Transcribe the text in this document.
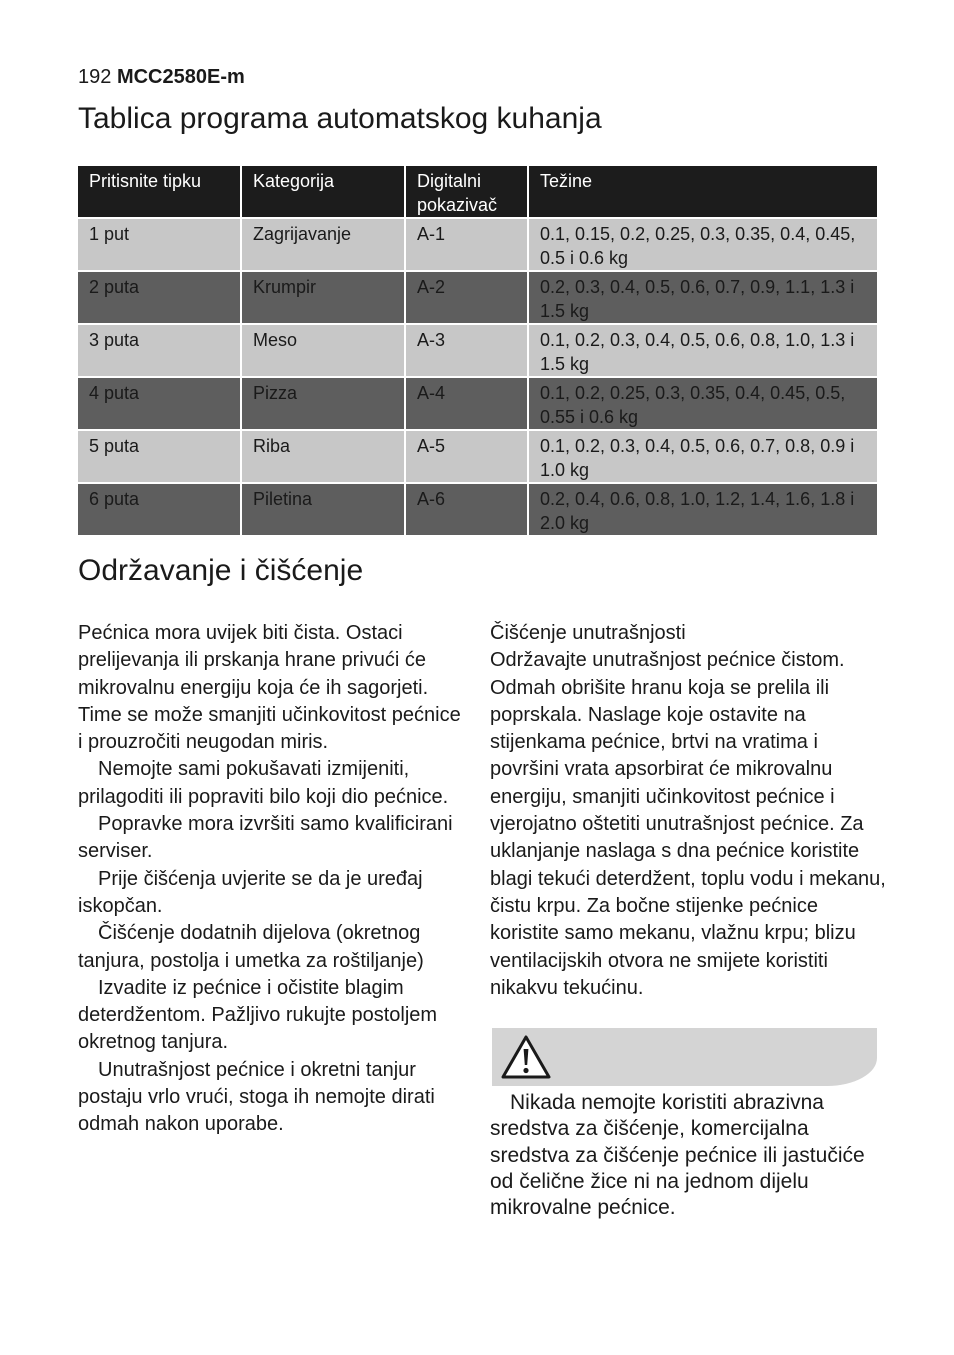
192 MCC2580E-m
Tablica programa automatskog kuhanja
Pritisnite tipku	Kategorija	Digitalni pokazivač	Težine
1 put	Zagrijavanje	A-1	0.1, 0.15, 0.2, 0.25, 0.3, 0.35, 0.4, 0.45, 0.5 i 0.6 kg
2 puta	Krumpir	A-2	0.2, 0.3, 0.4, 0.5, 0.6, 0.7, 0.9, 1.1, 1.3 i 1.5 kg
3 puta	Meso	A-3	0.1, 0.2, 0.3, 0.4, 0.5, 0.6, 0.8, 1.0, 1.3 i 1.5 kg
4 puta	Pizza	A-4	0.1, 0.2, 0.25, 0.3, 0.35, 0.4, 0.45, 0.5, 0.55 i 0.6 kg
5 puta	Riba	A-5	0.1, 0.2, 0.3, 0.4, 0.5, 0.6, 0.7, 0.8, 0.9 i 1.0 kg
6 puta	Piletina	A-6	0.2, 0.4, 0.6, 0.8, 1.0, 1.2, 1.4, 1.6, 1.8 i 2.0 kg
Održavanje i čišćenje

Pećnica mora uvijek biti čista. Ostaci prelijevanja ili prskanja hrane privući će mikrovalnu energiju koja će ih sagorjeti. Time se može smanjiti učinkovitost pećnice i prouzročiti neugodan miris.

Nemojte sami pokušavati izmijeniti, prilagoditi ili popraviti bilo koji dio pećnice.

Popravke mora izvršiti samo kvalificirani serviser.

Prije čišćenja uvjerite se da je uređaj iskopčan.

Čišćenje dodatnih dijelova (okretnog tanjura, postolja i umetka za roštiljanje)

Izvadite iz pećnice i očistite blagim deterdžentom. Pažljivo rukujte postoljem okretnog tanjura.

Unutrašnjost pećnice i okretni tanjur postaju vrlo vrući, stoga ih nemojte dirati odmah nakon uporabe.

Čišćenje unutrašnjosti

Održavajte unutrašnjost pećnice čistom. Odmah obrišite hranu koja se prelila ili poprskala. Naslage koje ostavite na stijenkama pećnice, brtvi na vratima i površini vrata apsorbirat će mikrovalnu energiju, smanjiti učinkovitost pećnice i vjerojatno oštetiti unutrašnjost pećnice. Za uklanjanje naslaga s dna pećnice koristite blagi tekući deterdžent, toplu vodu i mekanu, čistu krpu. Za bočne stijenke pećnice koristite samo mekanu, vlažnu krpu; blizu ventilacijskih otvora ne smijete koristiti nikakvu tekućinu.

Nikada nemojte koristiti abrazivna sredstva za čišćenje, komercijalna sredstva za čišćenje pećnice ili jastučiće od čelične žice ni na jednom dijelu mikrovalne pećnice.
